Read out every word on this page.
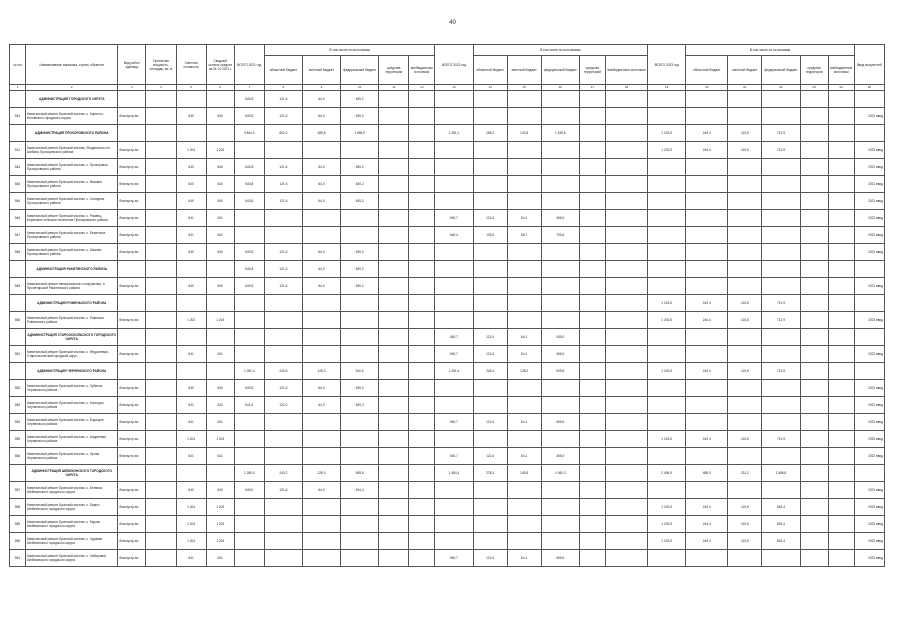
40
№ п/п	Наименование заказчика, строек, объектов	Вид работ/единица	Проектная мощность, площадь, км, м	Сметная стоимость	Сводный остаток средств на 01.01.2021 г.	ВСЕГО 2021 год	В том числе по источникам					ВСЕГО 2022 год	В том числе по источникам					ВСЕГО 2023 год	В том числе по источникам					Ввод мощностей
							областной бюджет	местный бюджет	федеральный бюджет	средства территории	внебюджетные источники		областной бюджет	местный бюджет	федеральный бюджет	средства территорий	внебюджетные источники		областной бюджет	местный бюджет	федеральный бюджет	средства территории	внебюджетные источники	
1	2	3	4	5	6	7	8	9	10	11	12	13	14	15	16	17	18	19	20	21	22	23	24	25
	АДМИНИСТРАЦИЯ ГОРОДСКОГО ОКРУГА					640,8	121,6	64,0	455,2															
543	Капитальный ремонт Братской могилы, с. Кирилло-Беловского городского округа	благоустр-во		640	640	640,8	121,6	64,0	455,2															2021 ввод
	АДМИНИСТРАЦИЯ ПРОХОРОВСКОГО РАЙОНА					3 844,0	802,0	385,5	1 655,5			1 281,1	255,2	122,8	1 155,6			1 203,5	244,4	115,6	713,9			
512	Капитальный ремонт Братской могилы, Ягодинского с/п. Шибина Прохоровского района	благоустр-во		1 204	1 204													1 203,5	244,4	115,6	713,9			2023 ввод
544	Капитальный ремонт Братской могилы, с. Прохоровка Прохоровского района	благоустр-во		640	640	640,8	121,6	64,0	455,2															2021 ввод
545	Капитальный ремонт Братской могилы, с. Вязовое Прохоровского района	благоустр-во		640	640	640,8	121,6	64,0	455,2															2021 ввод
546	Капитальный ремонт Братской могилы, с. Холодное Прохоровского района	благоустр-во		640	640	640,8	121,6	64,0	455,2															2021 ввод
546	Капитальный ремонт Братской могилы, с. Ржавец, Береговое сельское поселение Прохоровского района	благоустр-во		641	641							640,7	121,6	64,1	455,0									2022 ввод
547	Капитальный ремонт Братской могилы, с. Береговое Прохоровского района	благоустр-во		641	641							640,4	133,6	58,7	700,6									2022 ввод
548	Капитальный ремонт Братской могилы, с. Шахово Прохоровского района	благоустр-во		640	640	640,8	121,6	64,0	455,2															2021 ввод
	АДМИНИСТРАЦИЯ РАКИТЯНСКОГО РАЙОНА					640,8	121,6	64,0	455,2															
549	Капитальный ремонт мемориального сооружения, п. Пролетарский Ракитянского района	благоустр-во		640	640	640,8	121,6	64,0	455,2															2021 ввод
	АДМИНИСТРАЦИЯ РОВЕНЬСКОГО РАЙОНА																	1 203,5	244,4	115,6	713,9			
550	Капитальный ремонт Братской могилы, с. Ровеньки Ровеньского района	благоустр-во		1 204	1 204													1 203,5	244,4	115,6	713,9			2023 ввод
	АДМИНИСТРАЦИЯ СТАРООСКОЛЬСКОГО ГОРОДСКОГО ОКРУГА											640,7	121,6	64,1	455,0									
551	Капитальный ремонт Братской могилы, с. Федосеевка, Старооскольский городской округ	благоустр-во		641	641							640,7	121,6	64,1	455,0									2022 ввод
	АДМИНИСТРАЦИЯ ЧЕРНЯНСКОГО РАЙОНА					1 282,4	243,6	128,3	910,5			1 281,4	243,4	128,2	909,8			1 203,5	244,4	115,6	713,9			
552	Капитальный ремонт Братской могилы, с. Лубяное Чернянского района	благоустр-во		640	640	640,8	121,6	64,0	455,2															2021 ввод
553	Капитальный ремонт Братской могилы, с. Кочегуры Чернянского района	благоустр-во		642	642	641,6	122,0	64,3	455,3															2021 ввод
554	Капитальный ремонт Братской могилы, с. Ездоцкое Чернянского района	благоустр-во		641	641							640,7	121,6	64,1	455,0									2022 ввод
555	Капитальный ремонт Братской могилы, с. Андреевка Чернянского района	благоустр-во		1 204	1 204													1 203,5	244,4	115,6	713,9			2023 ввод
556	Капитальный ремонт Братской могилы, с. Орлик Чернянского района	благоустр-во		641	641							640,7	121,6	64,1	455,0									2022 ввод
	АДМИНИСТРАЦИЯ ШЕБЕКИНСКОГО ГОРОДСКОГО ОКРУГА					1 280,0	243,2	128,0	908,8			1 484,4	278,3	145,8	1 060,3			2 406,9	488,9	231,2	1 686,8			
557	Капитальный ремонт Братской могилы, с. Белянка Шебекинского городского округа	благоустр-во		640	640	640,0	121,6	64,0	454,4															2021 ввод
558	Капитальный ремонт Братской могилы, с. Бирюч Шебекинского городского округа	благоустр-во		1 204	1 204													1 203,5	244,4	115,6	843,4			2023 ввод
559	Капитальный ремонт Братской могилы, с. Муром Шебекинского городского округа	благоустр-во		1 204	1 204													1 203,5	244,4	115,6	843,4			2023 ввод
560	Капитальный ремонт Братской могилы, с. Чураево Шебекинского городского округа	благоустр-во		1 204	1 204													1 203,5	244,4	115,6	843,4			2023 ввод
561	Капитальный ремонт Братской могилы, с. Зиборовка Шебекинского городского округа	благоустр-во		641	641							640,7	121,6	64,1	455,0									2022 ввод
